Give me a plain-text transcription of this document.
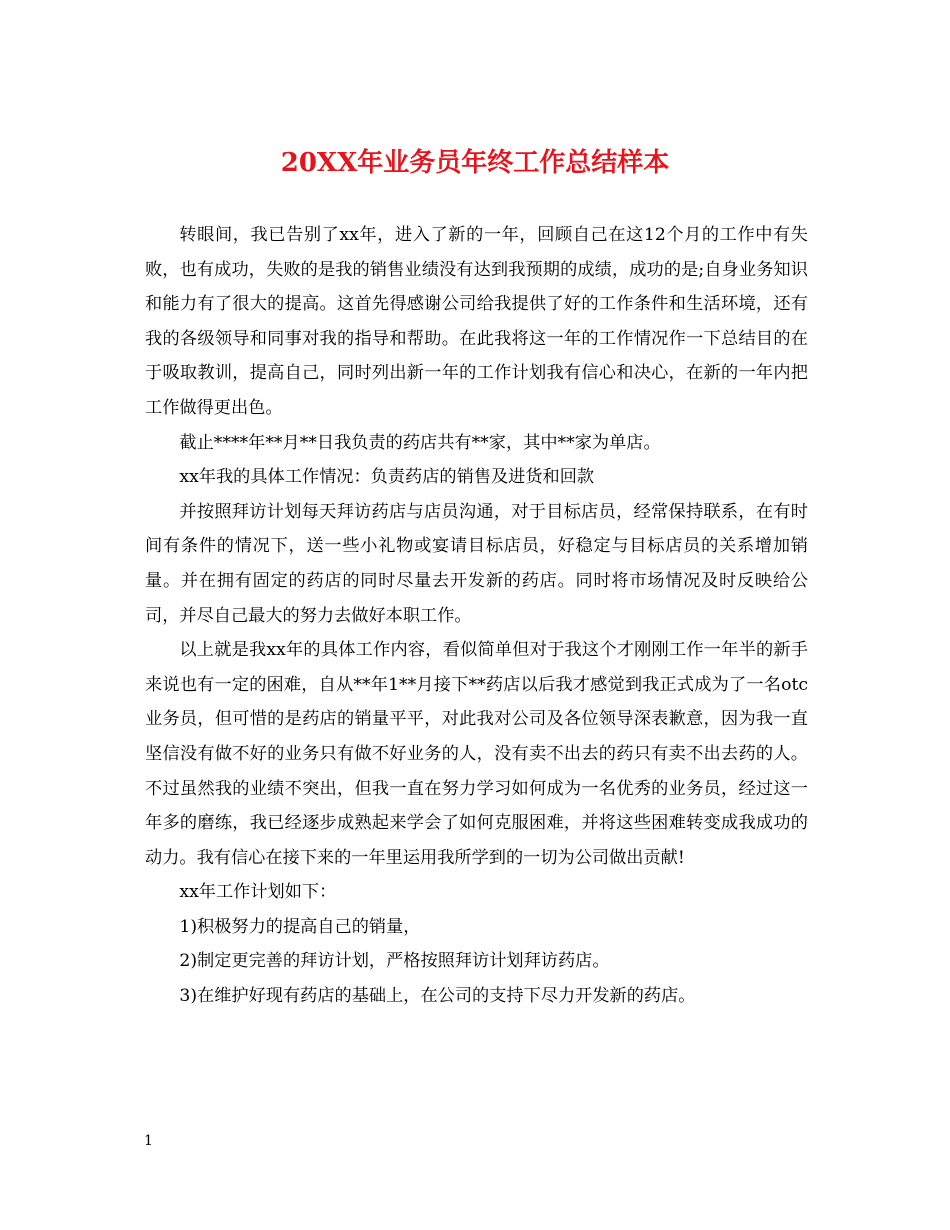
20XX年业务员年终工作总结样本

转眼间，我已告别了xx年，进入了新的一年，回顾自己在这12个月的工作中有失败，也有成功，失败的是我的销售业绩没有达到我预期的成绩，成功的是;自身业务知识和能力有了很大的提高。这首先得感谢公司给我提供了好的工作条件和生活环境，还有我的各级领导和同事对我的指导和帮助。在此我将这一年的工作情况作一下总结目的在于吸取教训，提高自己，同时列出新一年的工作计划我有信心和决心，在新的一年内把工作做得更出色。

截止****年**月**日我负责的药店共有**家，其中**家为单店。

xx年我的具体工作情况：负责药店的销售及进货和回款

并按照拜访计划每天拜访药店与店员沟通，对于目标店员，经常保持联系，在有时间有条件的情况下，送一些小礼物或宴请目标店员，好稳定与目标店员的关系增加销量。并在拥有固定的药店的同时尽量去开发新的药店。同时将市场情况及时反映给公司，并尽自己最大的努力去做好本职工作。

以上就是我xx年的具体工作内容，看似简单但对于我这个才刚刚工作一年半的新手来说也有一定的困难，自从**年1**月接下**药店以后我才感觉到我正式成为了一名otc业务员，但可惜的是药店的销量平平，对此我对公司及各位领导深表歉意，因为我一直坚信没有做不好的业务只有做不好业务的人，没有卖不出去的药只有卖不出去药的人。不过虽然我的业绩不突出，但我一直在努力学习如何成为一名优秀的业务员，经过这一年多的磨练，我已经逐步成熟起来学会了如何克服困难，并将这些困难转变成我成功的动力。我有信心在接下来的一年里运用我所学到的一切为公司做出贡献!

xx年工作计划如下：

1)积极努力的提高自己的销量，

2)制定更完善的拜访计划，严格按照拜访计划拜访药店。

3)在维护好现有药店的基础上，在公司的支持下尽力开发新的药店。

1
